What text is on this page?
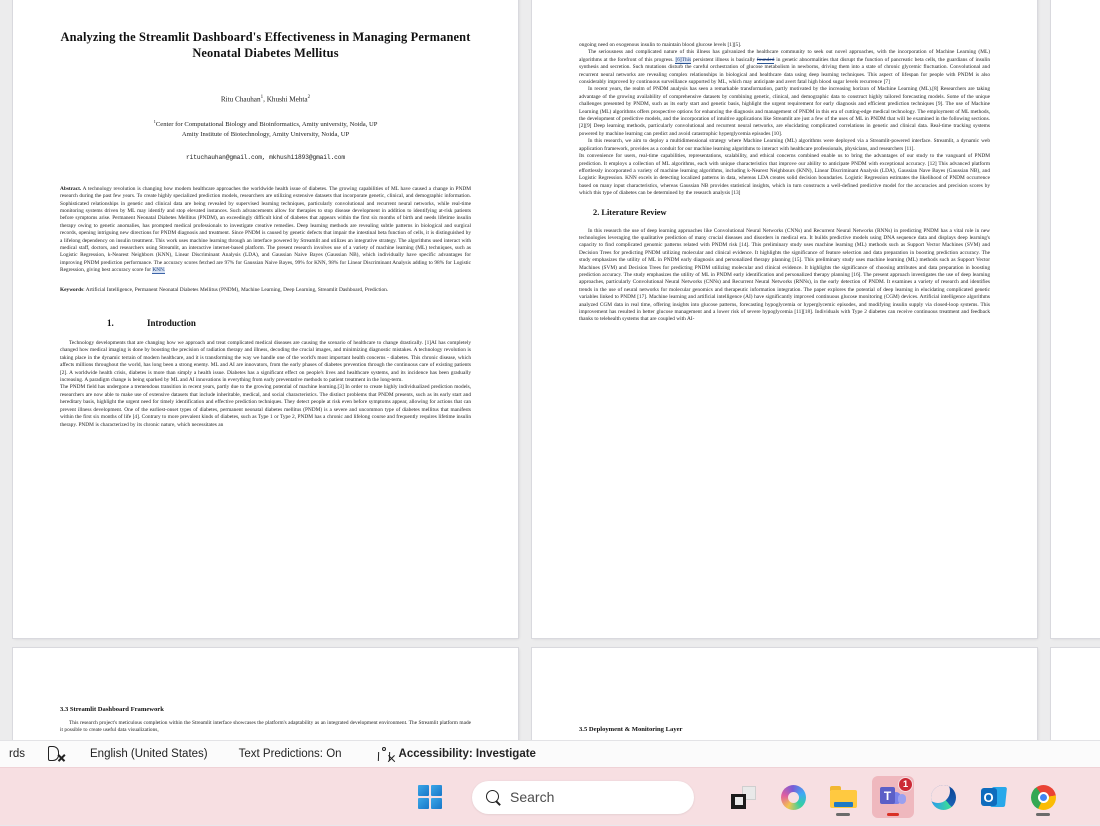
Analyzing the Streamlit Dashboard's Effectiveness in Managing Permanent Neonatal Diabetes Mellitus
Ritu Chauhan$^1$, Khushi Mehta$^2$
$^1$Center for Computational Biology and Bioinformatics, Amity university, Noida, UP
Amity Institute of Biotechnology, Amity University, Noida, UP
rituchauhan@gmail.com, mkhushi1893@gmail.com
Abstract. A technology revolution is changing how modern healthcare approaches the worldwide health issue of diabetes. The growing capabilities of ML have caused a change in PNDM research during the past few years. To create highly specialized prediction models, researchers are utilizing extensive datasets that incorporate genetic, clinical, and demographic information. Sophisticated relationships in genetic and clinical data are being revealed by supervised learning techniques, particularly convolutional and recurrent neural networks, while real-time monitoring systems driven by ML may identify and stop elevated instances. Such advancements allow for therapies to stop disease development in addition to identifying at-risk patients before symptoms arise. Permanent Neonatal Diabetes Mellitus (PNDM), an exceedingly difficult kind of diabetes that appears within the first six months of birth and needs lifetime insulin therapy owing to genetic anomalies, has prompted medical professionals to investigate creative remedies. Deep learning methods are revealing subtle patterns in biological and surgical records, opening intriguing new directions for PNDM diagnosis and treatment. Since PNDM is caused by genetic defects that impair the intestinal beta function of cells, it is distinguished by a lifelong dependency on insulin treatment. This work uses machine learning through an interface powered by Streamlit and utilizes an integrative strategy. The algorithms used interact with medical staff, doctors, and researchers using Streamlit, an interactive internet-based platform. The present research involves use of a variety of machine learning (ML) techniques, such as Logistic Regression, k-Nearest Neighbors (KNN), Linear Discriminant Analysis (LDA), and Gaussian Naive Bayes (Gaussian NB), which individually have specific advantages for improving PNDM prediction performance. The accuracy scores fetched are 97% for Gaussian Naive Bayes, 99% for KNN, 98% for Linear Discriminant Analysis adding to 98% for Logistic Regression, giving best accuracy score for KNN.
Keywords: Artificial Intelligence, Permanent Neonatal Diabetes Mellitus (PNDM), Machine Learning, Deep Learning, Streamlit Dashboard, Prediction.
1.	Introduction
Technology developments that are changing how we approach and treat complicated medical diseases are causing the scenario of healthcare to change drastically. [1]AI has completely changed how medical imaging is done by boosting the precision of radiation therapy and illness, decoding the crucial images, and minimizing diagnostic mistakes. A technology revolution is taking place in the dynamic terrain of modern healthcare, and it is transforming the way we handle one of the world's most important health concerns - diabetes. This chronic disease, which affects millions throughout the world, has long been a strong enemy. ML and AI are innovators, from the early phases of diabetes prevention through the continuous care of existing patients [2]. A worldwide health crisis, diabetes is more than simply a health issue. Diabetes has a significant effect on people's lives and healthcare systems, and its incidence has been gradually increasing. A paradigm change is being sparked by ML and AI innovations in everything from early preventative methods to patient treatment in the long-term.
The PNDM field has undergone a tremendous transition in recent years, partly due to the growing potential of machine learning.[3] In order to create highly individualized prediction models, researchers are now able to make use of extensive datasets that include inheritable, medical, and social characteristics. The distinct problems that PNDM presents, such as its early start and hereditary basis, highlight the urgent need for timely identification and effective prediction techniques. They detect people at risk even before symptoms appear, allowing for actions that can prevent illness development. One of the earliest-onset types of diabetes, permanent neonatal diabetes mellitus (PNDM) is a severe and uncommon type of diabetes mellitus that manifests within the first six months of life [4]. Contrary to more prevalent kinds of diabetes, such as Type 1 or Type 2, PNDM has a chronic and lifelong course and frequently requires lifetime insulin therapy. PNDM is characterized by its chronic nature, which necessitates an
ongoing need on exogenous insulin to maintain blood glucose levels [1][5].
The seriousness and complicated nature of this illness has galvanized the healthcare community to seek out novel approaches, with the incorporation of Machine Learning (ML) algorithms at the forefront of this progress. [6]This persistent illness is basically founded in genetic abnormalities that disrupt the function of pancreatic beta cells, the guardians of insulin synthesis and secretion. Such mutations disturb the careful orchestration of glucose metabolism in newborns, driving them into a state of chronic glycemic fluctuation. Convolutional and recurrent neural networks are revealing complex relationships in biological and healthcare data using deep learning techniques. This aspect of lifespan for people with PNDM is also considerably improved by continuous surveillance supported by ML, which may anticipate and avert fatal high blood sugar levels recurrence [7]
In recent years, the realm of PNDM analysis has seen a remarkable transformation, partly motivated by the increasing horizon of Machine Learning (ML).[8] Researchers are taking advantage of the growing availability of comprehensive datasets by combining genetic, clinical, and demographic data to construct highly tailored forecasting models. Some of the unique challenges presented by PNDM, such as its early start and genetic basis, highlight the urgent requirement for early diagnosis and efficient prediction techniques [9]. The use of Machine Learning (ML) algorithms offers prospective options for enhancing the diagnosis and management of PNDM in this era of cutting-edge medical technology. The employment of ML methods, the development of predictive models, and the incorporation of intuitive applications like Streamlit are just a few of the uses of ML in PNDM that will be examined in the following sections.[2][9] Deep learning methods, particularly convolutional and recurrent neural networks, are elucidating complicated correlations in genetic and clinical data. Real-time tracking systems powered by machine learning can predict and avoid catastrophic hyperglycemia episodes [10].
In this research, we aim to deploy a multidimensional strategy where Machine Learning (ML) algorithms were deployed via a Streamlit-powered interface. Streamlit, a dynamic web application framework, provides as a conduit for our machine learning algorithms to interact with healthcare professionals, physicians, and researchers [11].
Its convenience for users, real-time capabilities, representations, scalability, and ethical concerns combined enable us to bring the advantages of our study to the vanguard of PNDM prediction. It employs a collection of ML algorithms, each with unique characteristics that improve our ability to anticipate PNDM with exceptional accuracy. [12] This advanced platform effortlessly incorporated a variety of machine learning algorithms, including k-Nearest Neighbours (KNN), Linear Discriminant Analysis (LDA), Gaussian Nave Bayes (Gaussian NB), and Logistic Regression. KNN excels in detecting localized patterns in data, whereas LDA creates solid decision boundaries. Logistic Regression estimates the likelihood of PNDM occurrence based on many input characteristics, whereas Gaussian NB provides statistical insights, which in turn constructs a well-defined predictive model for the accuracies and precision scores by which this type of diabetes can be determined by the research analysis [13]
2. Literature Review
In this research the use of deep learning approaches like Convolutional Neural Networks (CNNs) and Recurrent Neural Networks (RNNs) in predicting PNDM has a vital role in new technologies leveraging the qualitative prediction of many crucial diseases and disorders in medical era. It builds predictive models using DNA sequence data and displays deep learning's capacity to find complicated genomic patterns related with PNDM risk [14]. This preliminary study uses machine learning (ML) methods such as Support Vector Machines (SVM) and Decision Trees for predicting PNDM utilizing molecular and clinical evidence. It highlights the significance of feature selection and data preparation in boosting prediction accuracy. The study emphasizes the utility of ML in PNDM early diagnosis and personalized therapy planning [15]. This preliminary study uses machine learning (ML) methods such as Support Vector Machines (SVM) and Decision Trees for predicting PNDM utilizing molecular and clinical evidence. It highlights the significance of choosing attributes and data preparation in boosting prediction accuracy. The study emphasizes the utility of ML in PNDM early identification and personalized therapy planning [16]. The present approach investigates the use of deep learning approaches, particularly Convolutional Neural Networks (CNNs) and Recurrent Neural Networks (RNNs), in the early detection of PNDM. It examines a variety of research and identifies trends in the use of neural networks for molecular genomics and therapeutic information integration. The paper explores the potential of deep learning in elucidating complicated genetic variables linked to PNDM [17]. Machine learning and artificial intelligence (AI) have significantly improved continuous glucose monitoring (CGM) devices. Artificial intelligence algorithms analyzed CGM data in real time, offering insights into glucose patterns, forecasting hypoglycemia or hyperglycemic episodes, and modifying insulin supply via closed-loop systems. This improvement has resulted in better glucose management and a lower risk of severe hypoglycemia [11][18]. Individuals with Type 2 diabetes can receive continuous treatment and feedback thanks to telehealth systems that are coupled with AI-
3.3 Streamlit Dashboard Framework
This research project's meticulous completion within the Streamlit interface showcases the platform's adaptability as an integrated development environment. The Streamlit platform made it possible to create useful data visualizations,	3.5 Deployment & Monitoring Layer
rds	English (United States)	Text Predictions: On	Accessibility: Investigate
Search	T
1
O
